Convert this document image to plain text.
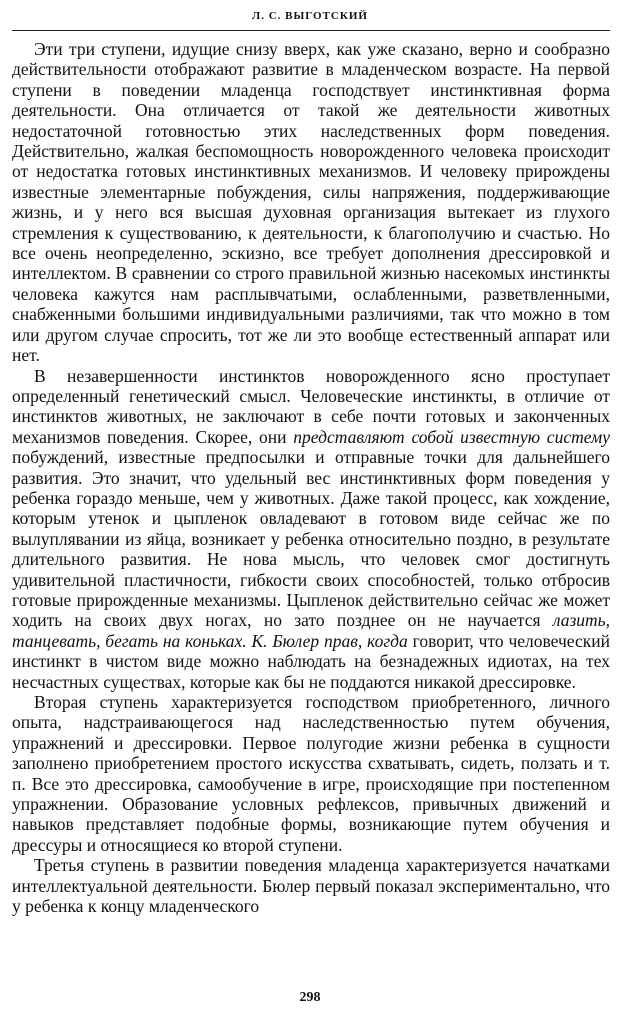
Л. С. ВЫГОТСКИЙ

Эти три ступени, идущие снизу вверх, как уже сказано, верно и сообразно действительности отображают развитие в младенческом возрасте. На первой ступени в поведении младенца господствует инстинктивная форма деятельности. Она отличается от такой же деятельности животных недостаточной готовностью этих наследственных форм поведения. Действительно, жалкая беспомощность новорожденного человека происходит от недостатка готовых инстинктивных механизмов. И человеку прирождены известные элементарные побуждения, силы напряжения, поддерживающие жизнь, и у него вся высшая духовная организация вытекает из глухого стремления к существованию, к деятельности, к благополучию и счастью. Но все очень неопределенно, эскизно, все требует дополнения дрессировкой и интеллектом. В сравнении со строго правильной жизнью насекомых инстинкты человека кажутся нам расплывчатыми, ослабленными, разветвленными, снабженными большими индивидуальными различиями, так что можно в том или другом случае спросить, тот же ли это вообще естественный аппарат или нет.

В незавершенности инстинктов новорожденного ясно проступает определенный генетический смысл. Человеческие инстинкты, в отличие от инстинктов животных, не заключают в себе почти готовых и законченных механизмов поведения. Скорее, они представляют собой известную систему побуждений, известные предпосылки и отправные точки для дальнейшего развития. Это значит, что удельный вес инстинктивных форм поведения у ребенка гораздо меньше, чем у животных. Даже такой процесс, как хождение, которым утенок и цыпленок овладевают в готовом виде сейчас же по вылуплявании из яйца, возникает у ребенка относительно поздно, в результате длительного развития. Не нова мысль, что человек смог достигнуть удивительной пластичности, гибкости своих способностей, только отбросив готовые прирожденные механизмы. Цыпленок действительно сейчас же может ходить на своих двух ногах, но зато позднее он не научается лазить, танцевать, бегать на коньках. К. Бюлер прав, когда говорит, что человеческий инстинкт в чистом виде можно наблюдать на безнадежных идиотах, на тех несчастных существах, которые как бы не поддаются никакой дрессировке.

Вторая ступень характеризуется господством приобретенного, личного опыта, надстраивающегося над наследственностью путем обучения, упражнений и дрессировки. Первое полугодие жизни ребенка в сущности заполнено приобретением простого искусства схватывать, сидеть, ползать и т. п. Все это дрессировка, самообучение в игре, происходящие при постепенном упражнении. Образование условных рефлексов, привычных движений и навыков представляет подобные формы, возникающие путем обучения и дрессуры и относящиеся ко второй ступени.

Третья ступень в развитии поведения младенца характеризуется начатками интеллектуальной деятельности. Бюлер первый показал экспериментально, что у ребенка к концу младенческого

298
